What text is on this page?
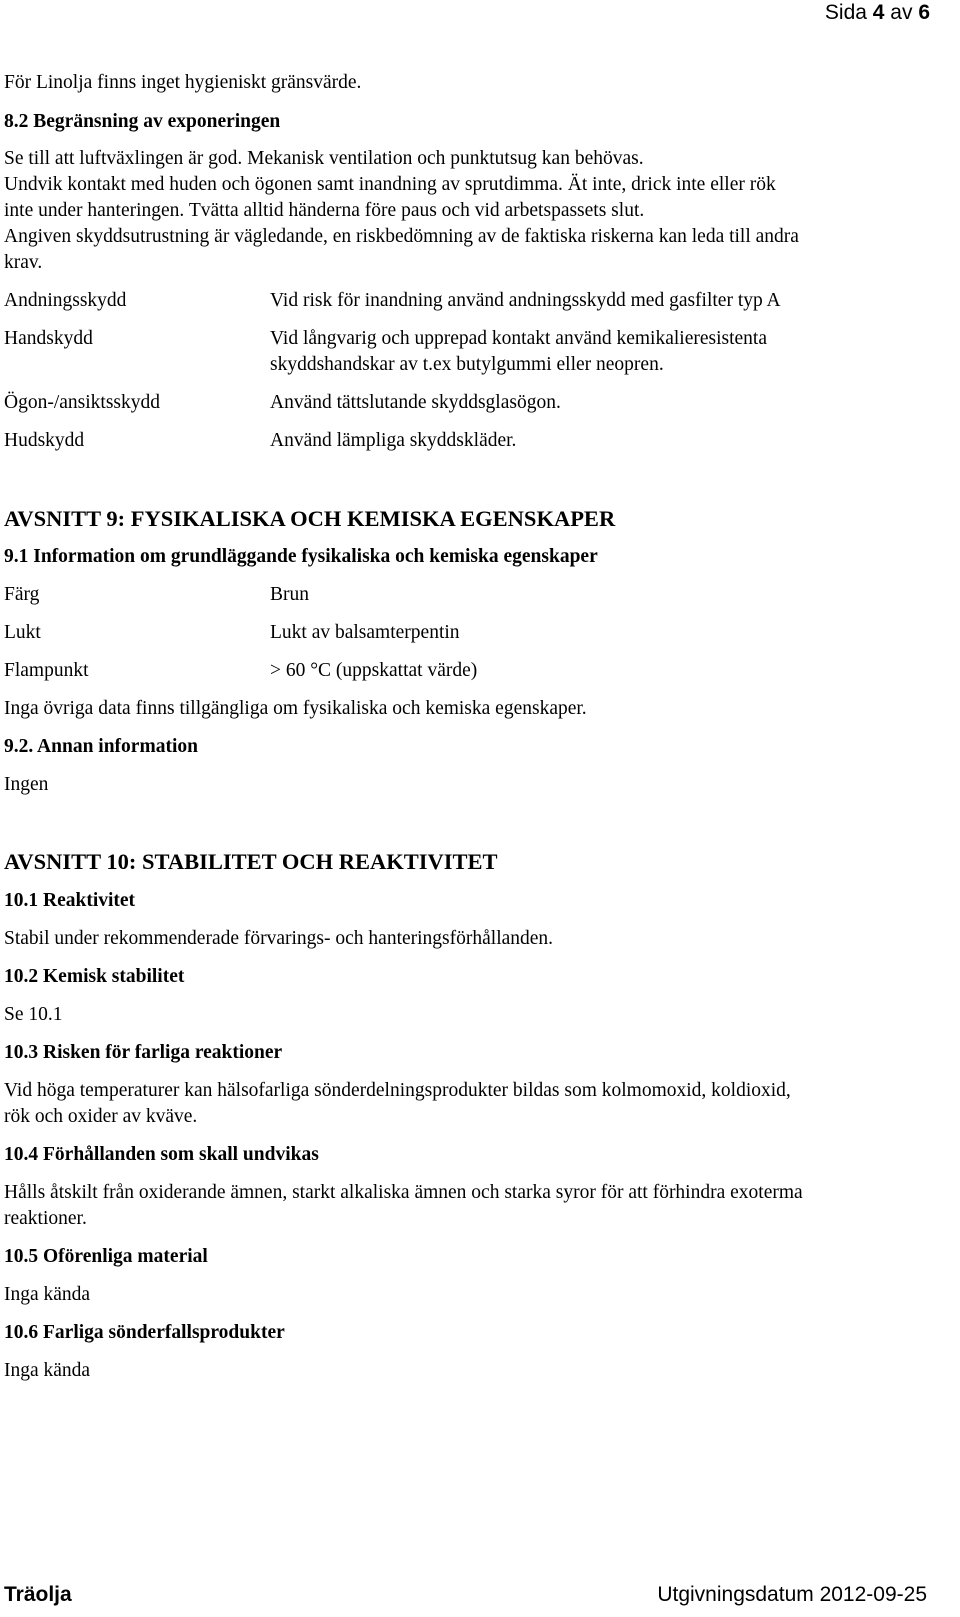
Sida 4 av 6
För Linolja finns inget hygieniskt gränsvärde.
8.2 Begränsning av exponeringen
Se till att luftväxlingen är god. Mekanisk ventilation och punktutsug kan behövas.
Undvik kontakt med huden och ögonen samt inandning av sprutdimma. Ät inte, drick inte eller rök
inte under hanteringen. Tvätta alltid händerna före paus och vid arbetspassets slut.
Angiven skyddsutrustning är vägledande, en riskbedömning av de faktiska riskerna kan leda till andra
krav.
Andningsskydd	Vid risk för inandning använd andningsskydd med gasfilter typ A
Handskydd	Vid långvarig och upprepad kontakt använd kemikalieresistenta
skyddshandskar av t.ex butylgummi eller neopren.
Ögon-/ansiktsskydd	Använd tättslutande skyddsglasögon.
Hudskydd	Använd lämpliga skyddskläder.
AVSNITT 9: FYSIKALISKA OCH KEMISKA EGENSKAPER
9.1 Information om grundläggande fysikaliska och kemiska egenskaper
Färg	Brun
Lukt	Lukt av balsamterpentin
Flampunkt	> 60 °C (uppskattat värde)
Inga övriga data finns tillgängliga om fysikaliska och kemiska egenskaper.
9.2. Annan information
Ingen
AVSNITT 10: STABILITET OCH REAKTIVITET
10.1 Reaktivitet
Stabil under rekommenderade förvarings- och hanteringsförhållanden.
10.2 Kemisk stabilitet
Se 10.1
10.3 Risken för farliga reaktioner
Vid höga temperaturer kan hälsofarliga sönderdelningsprodukter bildas som kolmomoxid, koldioxid,
rök och oxider av kväve.
10.4 Förhållanden som skall undvikas
Hålls åtskilt från oxiderande ämnen, starkt alkaliska ämnen och starka syror för att förhindra exoterma
reaktioner.
10.5 Oförenliga material
Inga kända
10.6 Farliga sönderfallsprodukter
Inga kända
Träolja	Utgivningsdatum 2012-09-25
